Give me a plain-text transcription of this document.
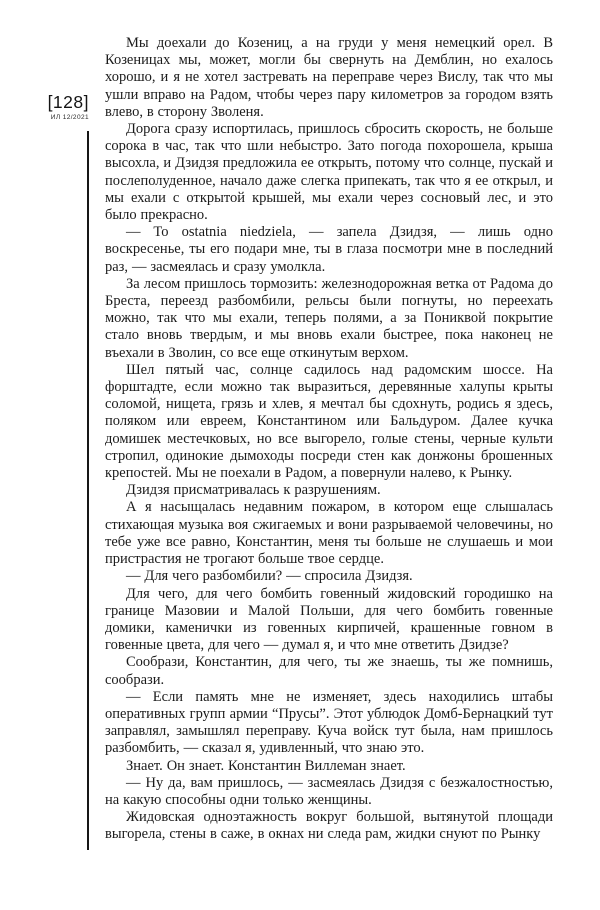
[128]
ИЛ 12/2021

Мы доехали до Козениц, а на груди у меня немецкий орел. В Козеницах мы, может, могли бы свернуть на Демблин, но ехалось хорошо, и я не хотел застревать на переправе через Вислу, так что мы ушли вправо на Радом, чтобы через пару километров за городом взять влево, в сторону Зволеня.

Дорога сразу испортилась, пришлось сбросить скорость, не больше сорока в час, так что шли небыстро. Зато погода похорошела, крыша высохла, и Дзидзя предложила ее открыть, потому что солнце, пускай и послеполуденное, начало даже слегка припекать, так что я ее открыл, и мы ехали с открытой крышей, мы ехали через сосновый лес, и это было прекрасно.

— To ostatnia niedziela, — запела Дзидзя, — лишь одно воскресенье, ты его подари мне, ты в глаза посмотри мне в последний раз, — засмеялась и сразу умолкла.

За лесом пришлось тормозить: железнодорожная ветка от Радома до Бреста, переезд разбомбили, рельсы были погнуты, но переехать можно, так что мы ехали, теперь полями, а за Пониквой покрытие стало вновь твердым, и мы вновь ехали быстрее, пока наконец не въехали в Зволин, со все еще откинутым верхом.

Шел пятый час, солнце садилось над радомским шоссе. На форштадте, если можно так выразиться, деревянные халупы крыты соломой, нищета, грязь и хлев, я мечтал бы сдохнуть, родись я здесь, поляком или евреем, Константином или Бальдуром. Далее кучка домишек местечковых, но все выгорело, голые стены, черные культи стропил, одинокие дымоходы посреди стен как донжоны брошенных крепостей. Мы не поехали в Радом, а повернули налево, к Рынку.

Дзидзя присматривалась к разрушениям.

А я насыщалась недавним пожаром, в котором еще слышалась стихающая музыка воя сжигаемых и вони разрываемой человечины, но тебе уже все равно, Константин, меня ты больше не слушаешь и мои пристрастия не трогают больше твое сердце.

— Для чего разбомбили? — спросила Дзидзя.

Для чего, для чего бомбить говенный жидовский городишко на границе Мазовии и Малой Польши, для чего бомбить говенные домики, каменички из говенных кирпичей, крашенные говном в говенные цвета, для чего — думал я, и что мне ответить Дзидзе?

Сообрази, Константин, для чего, ты же знаешь, ты же помнишь, сообрази.

— Если память мне не изменяет, здесь находились штабы оперативных групп армии “Прусы”. Этот ублюдок Домб-Бернацкий тут заправлял, замышлял переправу. Куча войск тут была, нам пришлось разбомбить, — сказал я, удивленный, что знаю это.

Знает. Он знает. Константин Виллеман знает.

— Ну да, вам пришлось, — засмеялась Дзидзя с безжалостностью, на какую способны одни только женщины.

Жидовская одноэтажность вокруг большой, вытянутой площади выгорела, стены в саже, в окнах ни следа рам, жидки снуют по Рынку
